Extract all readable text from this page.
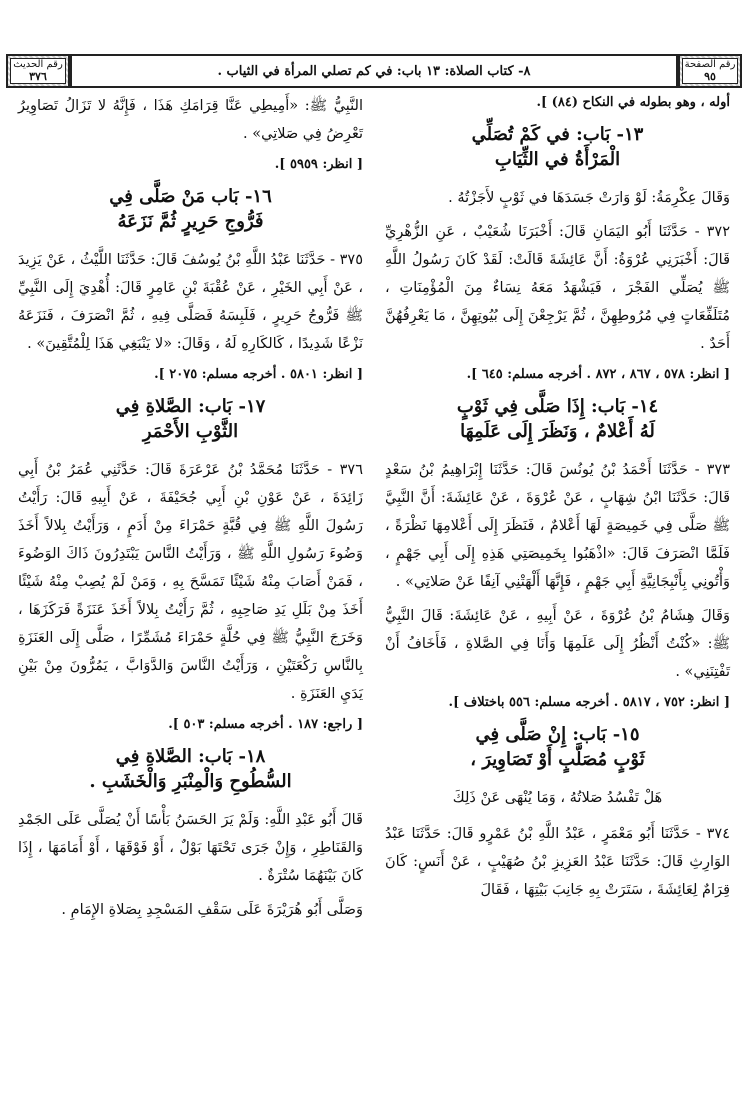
رقم الحديث
٣٧٦	٨- كتاب الصلاة: ١٣ باب: في كم تصلي المرأة في الثياب .	رقم الصفحة
٩٥

أوله ، وهو بطوله في النكاح (٨٤) ].

١٣- بَاب: في كَمْ تُصَلِّي
الْمَرْأَةُ في الثِّيَابِ

وَقَالَ عِكْرِمَةُ: لَوْ وَارَتْ جَسَدَهَا في ثَوْبٍ لأَجَزْتُهُ .

٣٧٢ - حَدَّثَنَا أَبُو اليَمَانِ قَالَ: أَخْبَرَنَا شُعَيْبٌ ، عَنِ الزُّهْرِيِّ قَالَ: أَخْبَرَنِي عُرْوَةُ: أَنَّ عَائِشَةَ قَالَتْ: لَقَدْ كَانَ رَسُولُ اللَّهِ ﷺ يُصَلِّي الفَجْرَ ، فَيَشْهَدُ مَعَهُ نِسَاءٌ مِنَ الْمُؤْمِنَاتِ ، مُتَلَفِّعَاتٍ فِي مُرُوطِهِنَّ ، ثُمَّ يَرْجِعْنَ إِلَى بُيُوتِهِنَّ ، مَا يَعْرِفُهُنَّ أَحَدٌ .

[ انظر: ٥٧٨ ، ٨٦٧ ، ٨٧٢ . أخرجه مسلم: ٦٤٥ ].

١٤- بَاب: إِذَا صَلَّى فِي ثَوْبٍ
لَهُ أَعْلامٌ ، وَنَظَرَ إِلَى عَلَمِهَا

٣٧٣ - حَدَّثَنَا أَحْمَدُ بْنُ يُونُسَ قَالَ: حَدَّثَنَا إِبْرَاهِيمُ بْنُ سَعْدٍ قَالَ: حَدَّثَنَا ابْنُ شِهَابٍ ، عَنْ عُرْوَةَ ، عَنْ عَائِشَةَ: أَنَّ النَّبِيَّ ﷺ صَلَّى فِي خَمِيصَةٍ لَهَا أَعْلامٌ ، فَنَظَرَ إِلَى أَعْلامِهَا نَظْرَةً ، فَلَمَّا انْصَرَفَ قَالَ: «اذْهَبُوا بِخَمِيصَتِي هَذِهِ إِلَى أَبِي جَهْمٍ ، وَأْتُونِي بِأَنْبِجَانِيَّةِ أَبِي جَهْمٍ ، فَإِنَّهَا أَلْهَتْنِي آنِفًا عَنْ صَلاتِي» .

وَقَالَ هِشَامُ بْنُ عُرْوَةَ ، عَنْ أَبِيهِ ، عَنْ عَائِشَةَ: قَالَ النَّبِيُّ ﷺ: «كُنْتُ أَنْظُرُ إِلَى عَلَمِهَا وَأَنَا فِي الصَّلاةِ ، فَأَخَافُ أَنْ تَفْتِنَنِي» .

[ انظر: ٧٥٢ ، ٥٨١٧ . أخرجه مسلم: ٥٥٦ باختلاف ].

١٥- بَاب: إِنْ صَلَّى فِي
ثَوْبٍ مُصَلَّبٍ أَوْ تَصَاوِيرَ ،
هَلْ تَفْسُدُ صَلاتُهُ ، وَمَا يُنْهَى عَنْ ذَلِكَ

٣٧٤ - حَدَّثَنَا أَبُو مَعْمَرٍ ، عَبْدُ اللَّهِ بْنُ عَمْرٍو قَالَ: حَدَّثَنَا عَبْدُ الوَارِثِ قَالَ: حَدَّثَنَا عَبْدُ العَزِيزِ بْنُ صُهَيْبٍ ، عَنْ أَنَسٍ: كَانَ قِرَامٌ لِعَائِشَةَ ، سَتَرَتْ بِهِ جَانِبَ بَيْتِهَا ، فَقَالَ

النَّبِيُّ ﷺ: «أَمِيطِي عَنَّا قِرَامَكِ هَذَا ، فَإِنَّهُ لا تَزَالُ تَصَاوِيرُ تَعْرِضُ فِي صَلاتِي» .

[ انظر: ٥٩٥٩ ].

١٦- بَاب مَنْ صَلَّى فِي
فَرُّوجِ حَرِيرٍ ثُمَّ نَزَعَهُ

٣٧٥ - حَدَّثَنَا عَبْدُ اللَّهِ بْنُ يُوسُفَ قَالَ: حَدَّثَنَا اللَّيْثُ ، عَنْ يَزِيدَ ، عَنْ أَبِي الخَيْرِ ، عَنْ عُقْبَةَ بْنِ عَامِرٍ قَالَ: أُهْدِيَ إِلَى النَّبِيِّ ﷺ فَرُّوجُ حَرِيرٍ ، فَلَبِسَهُ فَصَلَّى فِيهِ ، ثُمَّ انْصَرَفَ ، فَنَزَعَهُ نَزْعًا شَدِيدًا ، كَالكَارِهِ لَهُ ، وَقَالَ: «لا يَنْبَغِي هَذَا لِلْمُتَّقِينَ» .

[ انظر: ٥٨٠١ . أخرجه مسلم: ٢٠٧٥ ].

١٧- بَاب: الصَّلاةِ فِي
الثَّوْبِ الأَحْمَرِ

٣٧٦ - حَدَّثَنَا مُحَمَّدُ بْنُ عَرْعَرَةَ قَالَ: حَدَّثَنِي عُمَرُ بْنُ أَبِي زَائِدَةَ ، عَنْ عَوْنِ بْنِ أَبِي جُحَيْفَةَ ، عَنْ أَبِيهِ قَالَ: رَأَيْتُ رَسُولَ اللَّهِ ﷺ فِي قُبَّةٍ حَمْرَاءَ مِنْ أَدَمٍ ، وَرَأَيْتُ بِلالاً أَخَذَ وَضُوءَ رَسُولِ اللَّهِ ﷺ ، وَرَأَيْتُ النَّاسَ يَبْتَدِرُونَ ذَاكَ الوَضُوءَ ، فَمَنْ أَصَابَ مِنْهُ شَيْئًا تَمَسَّحَ بِهِ ، وَمَنْ لَمْ يُصِبْ مِنْهُ شَيْئًا أَخَذَ مِنْ بَلَلِ يَدِ صَاحِبِهِ ، ثُمَّ رَأَيْتُ بِلالاً أَخَذَ عَنَزَةً فَرَكَزَهَا ، وَخَرَجَ النَّبِيُّ ﷺ فِي حُلَّةٍ حَمْرَاءَ مُشَمِّرًا ، صَلَّى إِلَى العَنَزَةِ بِالنَّاسِ رَكْعَتَيْنِ ، وَرَأَيْتُ النَّاسَ وَالدَّوَابَّ ، يَمُرُّونَ مِنْ بَيْنِ يَدَيِ العَنَزَةِ .

[ راجع: ١٨٧ . أخرجه مسلم: ٥٠٣ ].

١٨- بَاب: الصَّلاةِ فِي
السُّطُوحِ وَالْمِنْبَرِ وَالْخَشَبِ .

قَالَ أَبُو عَبْدِ اللَّهِ: وَلَمْ يَرَ الحَسَنُ بَأْسًا أَنْ يُصَلَّى عَلَى الجَمْدِ وَالقَنَاطِرِ ، وَإِنْ جَرَى تَحْتَهَا بَوْلٌ ، أَوْ فَوْقَهَا ، أَوْ أَمَامَهَا ، إِذَا كَانَ بَيْنَهُمَا سُتْرَةٌ .

وَصَلَّى أَبُو هُرَيْرَةَ عَلَى سَقْفِ المَسْجِدِ بِصَلاةِ الإِمَامِ .
